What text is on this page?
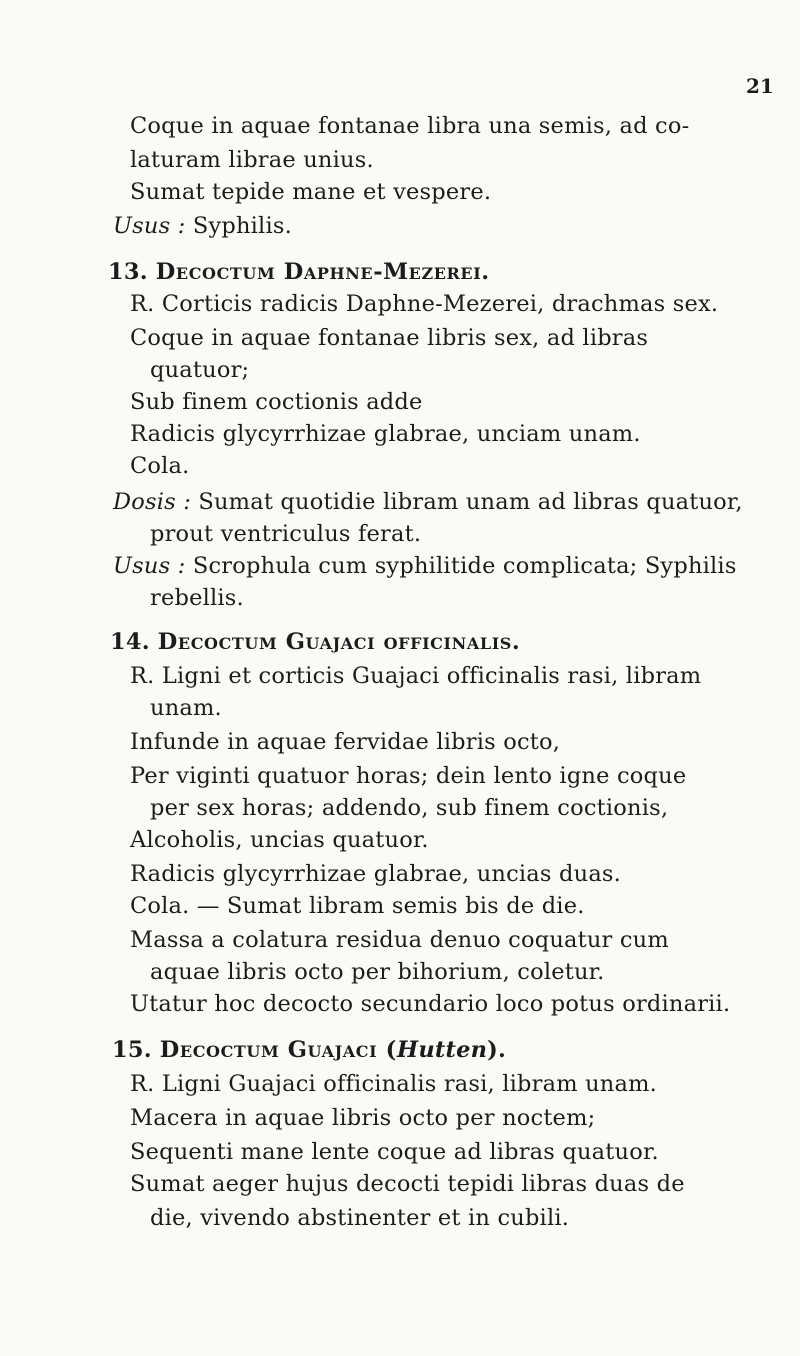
21
Coque in aquae fontanae libra una semis, ad co-
laturam librae unius.
Sumat tepide mane et vespere.
Usus : Syphilis.
13. Decoctum Daphne-Mezerei.
R. Corticis radicis Daphne-Mezerei, drachmas sex.
Coque in aquae fontanae libris sex, ad libras
quatuor;
Sub finem coctionis adde
Radicis glycyrrhizae glabrae, unciam unam.
Cola.
Dosis : Sumat quotidie libram unam ad libras quatuor,
prout ventriculus ferat.
Usus : Scrophula cum syphilitide complicata; Syphilis
rebellis.
14. Decoctum Guajaci officinalis.
R. Ligni et corticis Guajaci officinalis rasi, libram
unam.
Infunde in aquae fervidae libris octo,
Per viginti quatuor horas; dein lento igne coque
per sex horas; addendo, sub finem coctionis,
Alcoholis, uncias quatuor.
Radicis glycyrrhizae glabrae, uncias duas.
Cola. — Sumat libram semis bis de die.
Massa a colatura residua denuo coquatur cum
aquae libris octo per bihorium, coletur.
Utatur hoc decocto secundario loco potus ordinarii.
15. Decoctum Guajaci (Hutten).
R. Ligni Guajaci officinalis rasi, libram unam.
Macera in aquae libris octo per noctem;
Sequenti mane lente coque ad libras quatuor.
Sumat aeger hujus decocti tepidi libras duas de
die, vivendo abstinenter et in cubili.
